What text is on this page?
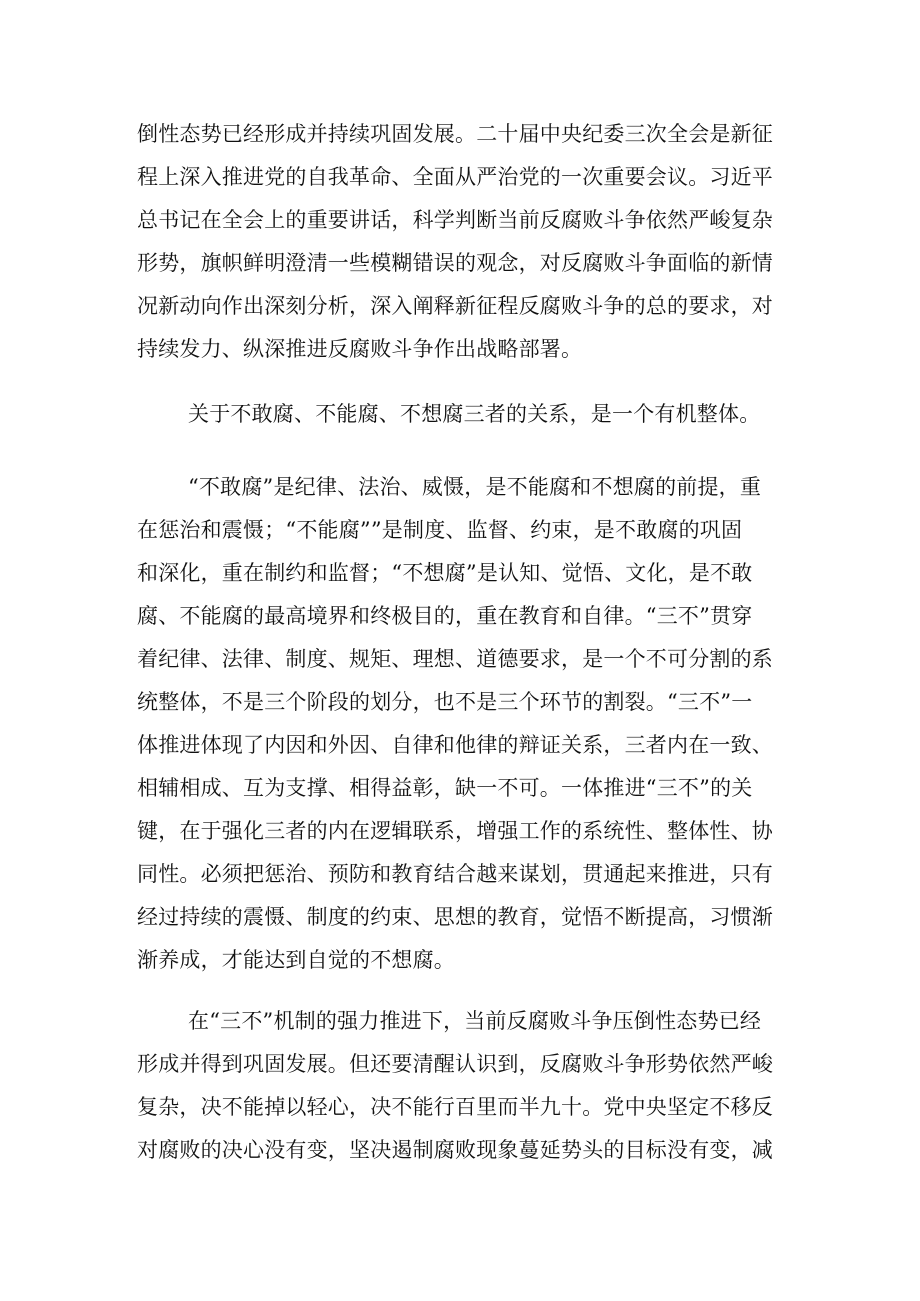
倒性态势已经形成并持续巩固发展。二十届中央纪委三次全会是新征
程上深入推进党的自我革命、全面从严治党的一次重要会议。习近平
总书记在全会上的重要讲话，科学判断当前反腐败斗争依然严峻复杂
形势，旗帜鲜明澄清一些模糊错误的观念，对反腐败斗争面临的新情
况新动向作出深刻分析，深入阐释新征程反腐败斗争的总的要求，对
持续发力、纵深推进反腐败斗争作出战略部署。

关于不敢腐、不能腐、不想腐三者的关系，是一个有机整体。

“不敢腐”是纪律、法治、威慑，是不能腐和不想腐的前提，重
在惩治和震慑；“不能腐””是制度、监督、约束，是不敢腐的巩固
和深化，重在制约和监督；“不想腐”是认知、觉悟、文化，是不敢
腐、不能腐的最高境界和终极目的，重在教育和自律。“三不”贯穿
着纪律、法律、制度、规矩、理想、道德要求，是一个不可分割的系
统整体，不是三个阶段的划分，也不是三个环节的割裂。“三不”一
体推进体现了内因和外因、自律和他律的辩证关系，三者内在一致、
相辅相成、互为支撑、相得益彰，缺一不可。一体推进“三不”的关
键，在于强化三者的内在逻辑联系，增强工作的系统性、整体性、协
同性。必须把惩治、预防和教育结合越来谋划，贯通起来推进，只有
经过持续的震慑、制度的约束、思想的教育，觉悟不断提高，习惯渐
渐养成，才能达到自觉的不想腐。

在“三不”机制的强力推进下，当前反腐败斗争压倒性态势已经
形成并得到巩固发展。但还要清醒认识到，反腐败斗争形势依然严峻
复杂，决不能掉以轻心，决不能行百里而半九十。党中央坚定不移反
对腐败的决心没有变，坚决遏制腐败现象蔓延势头的目标没有变，减
